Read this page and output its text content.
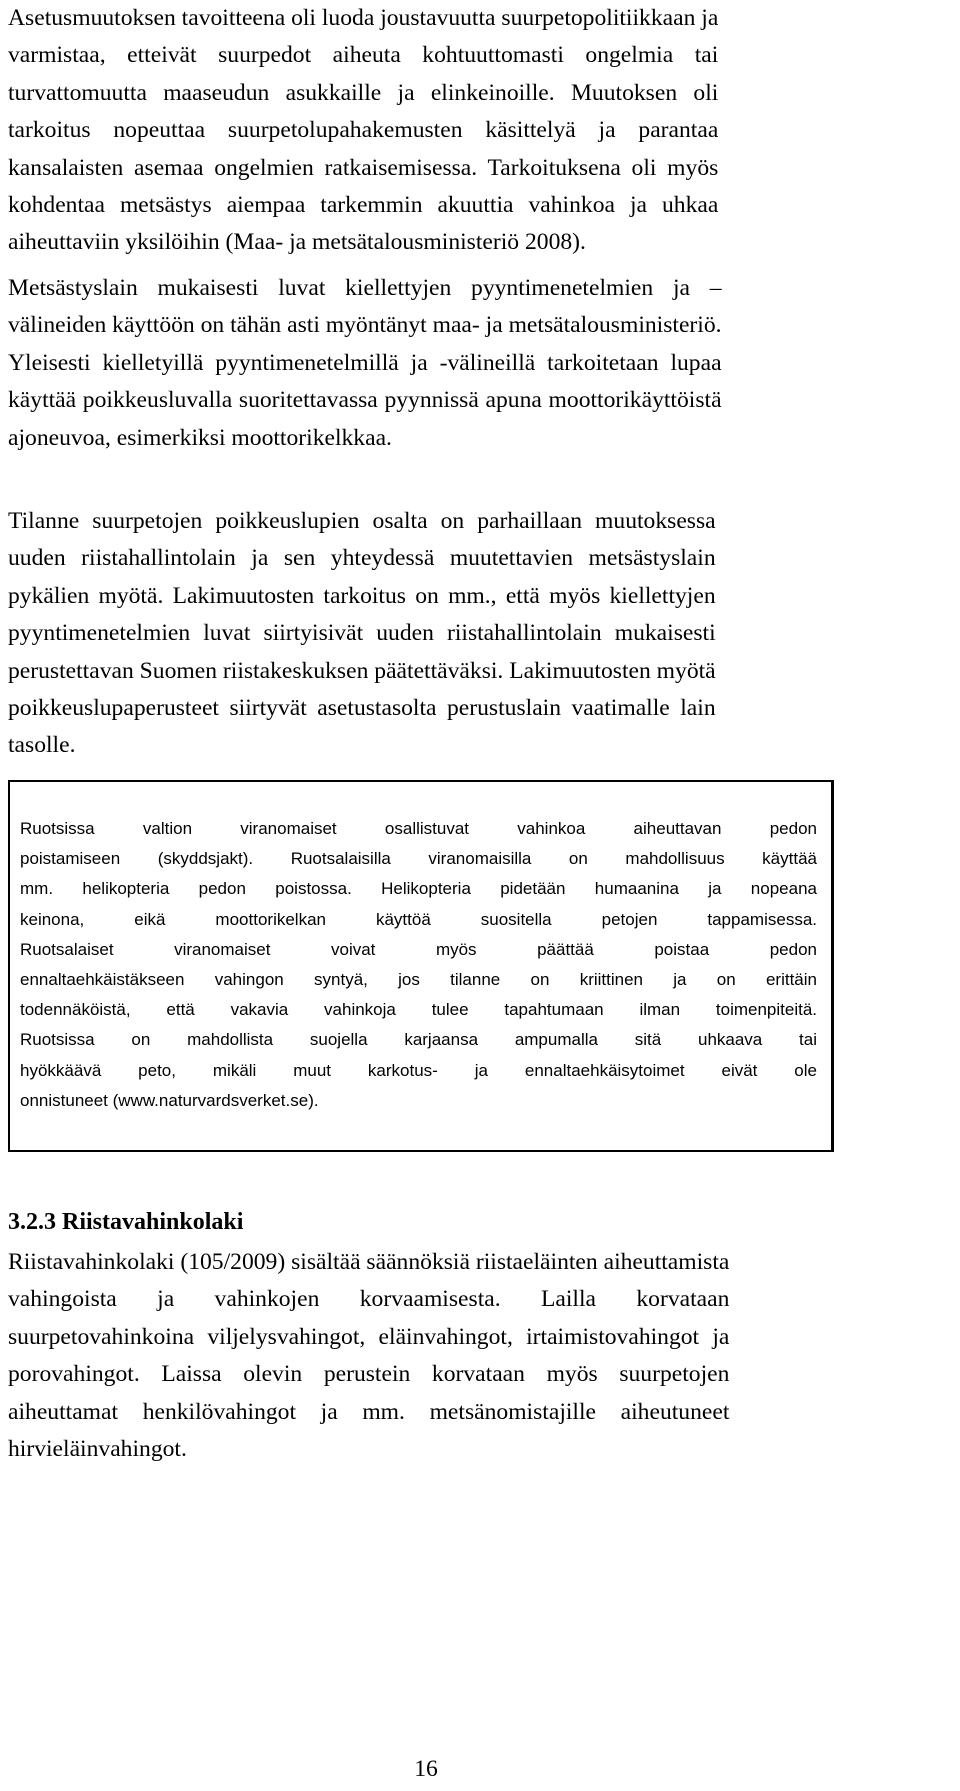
Asetusmuutoksen tavoitteena oli luoda joustavuutta suurpetopolitiikkaan ja
varmistaa, etteivät suurpedot aiheuta kohtuuttomasti ongelmia tai
turvattomuutta maaseudun asukkaille ja elinkeinoille. Muutoksen oli
tarkoitus nopeuttaa suurpetolupahakemusten käsittelyä ja parantaa
kansalaisten asemaa ongelmien ratkaisemisessa. Tarkoituksena oli myös
kohdentaa metsästys aiempaa tarkemmin akuuttia vahinkoa ja uhkaa
aiheuttaviin yksilöihin (Maa- ja metsätalousministeriö 2008).
Metsästyslain mukaisesti luvat kiellettyjen pyyntimenetelmien ja –
välineiden käyttöön on tähän asti myöntänyt maa- ja metsätalousministeriö.
Yleisesti kielletyillä pyyntimenetelmillä ja -välineillä tarkoitetaan lupaa
käyttää poikkeusluvalla suoritettavassa pyynnissä apuna moottorikäyttöistä
ajoneuvoa, esimerkiksi moottorikelkkaa.
Tilanne suurpetojen poikkeuslupien osalta on parhaillaan muutoksessa
uuden riistahallintolain ja sen yhteydessä muutettavien metsästyslain
pykälien myötä. Lakimuutosten tarkoitus on mm., että myös kiellettyjen
pyyntimenetelmien luvat siirtyisivät uuden riistahallintolain mukaisesti
perustettavan Suomen riistakeskuksen päätettäväksi. Lakimuutosten myötä
poikkeuslupaperusteet siirtyvät asetustasolta perustuslain vaatimalle lain
tasolle.
Ruotsissa valtion viranomaiset osallistuvat vahinkoa aiheuttavan pedon
poistamiseen (skyddsjakt). Ruotsalaisilla viranomaisilla on mahdollisuus käyttää
mm. helikopteria pedon poistossa. Helikopteria pidetään humaanina ja nopeana
keinona, eikä moottorikelkan käyttöä suositella petojen tappamisessa.
Ruotsalaiset viranomaiset voivat myös päättää poistaa pedon
ennaltaehkäistäkseen vahingon syntyä, jos tilanne on kriittinen ja on erittäin
todennäköistä, että vakavia vahinkoja tulee tapahtumaan ilman toimenpiteitä.
Ruotsissa on mahdollista suojella karjaansa ampumalla sitä uhkaava tai
hyökkäävä peto, mikäli muut karkotus- ja ennaltaehkäisytoimet eivät ole
onnistuneet (www.naturvardsverket.se).
3.2.3 Riistavahinkolaki
Riistavahinkolaki (105/2009) sisältää säännöksiä riistaeläinten aiheuttamista
vahingoista ja vahinkojen korvaamisesta. Lailla korvataan
suurpetovahinkoina viljelysvahingot, eläinvahingot, irtaimistovahingot ja
porovahingot. Laissa olevin perustein korvataan myös suurpetojen
aiheuttamat henkilövahingot ja mm. metsänomistajille aiheutuneet
hirvieläinvahingot.
16
